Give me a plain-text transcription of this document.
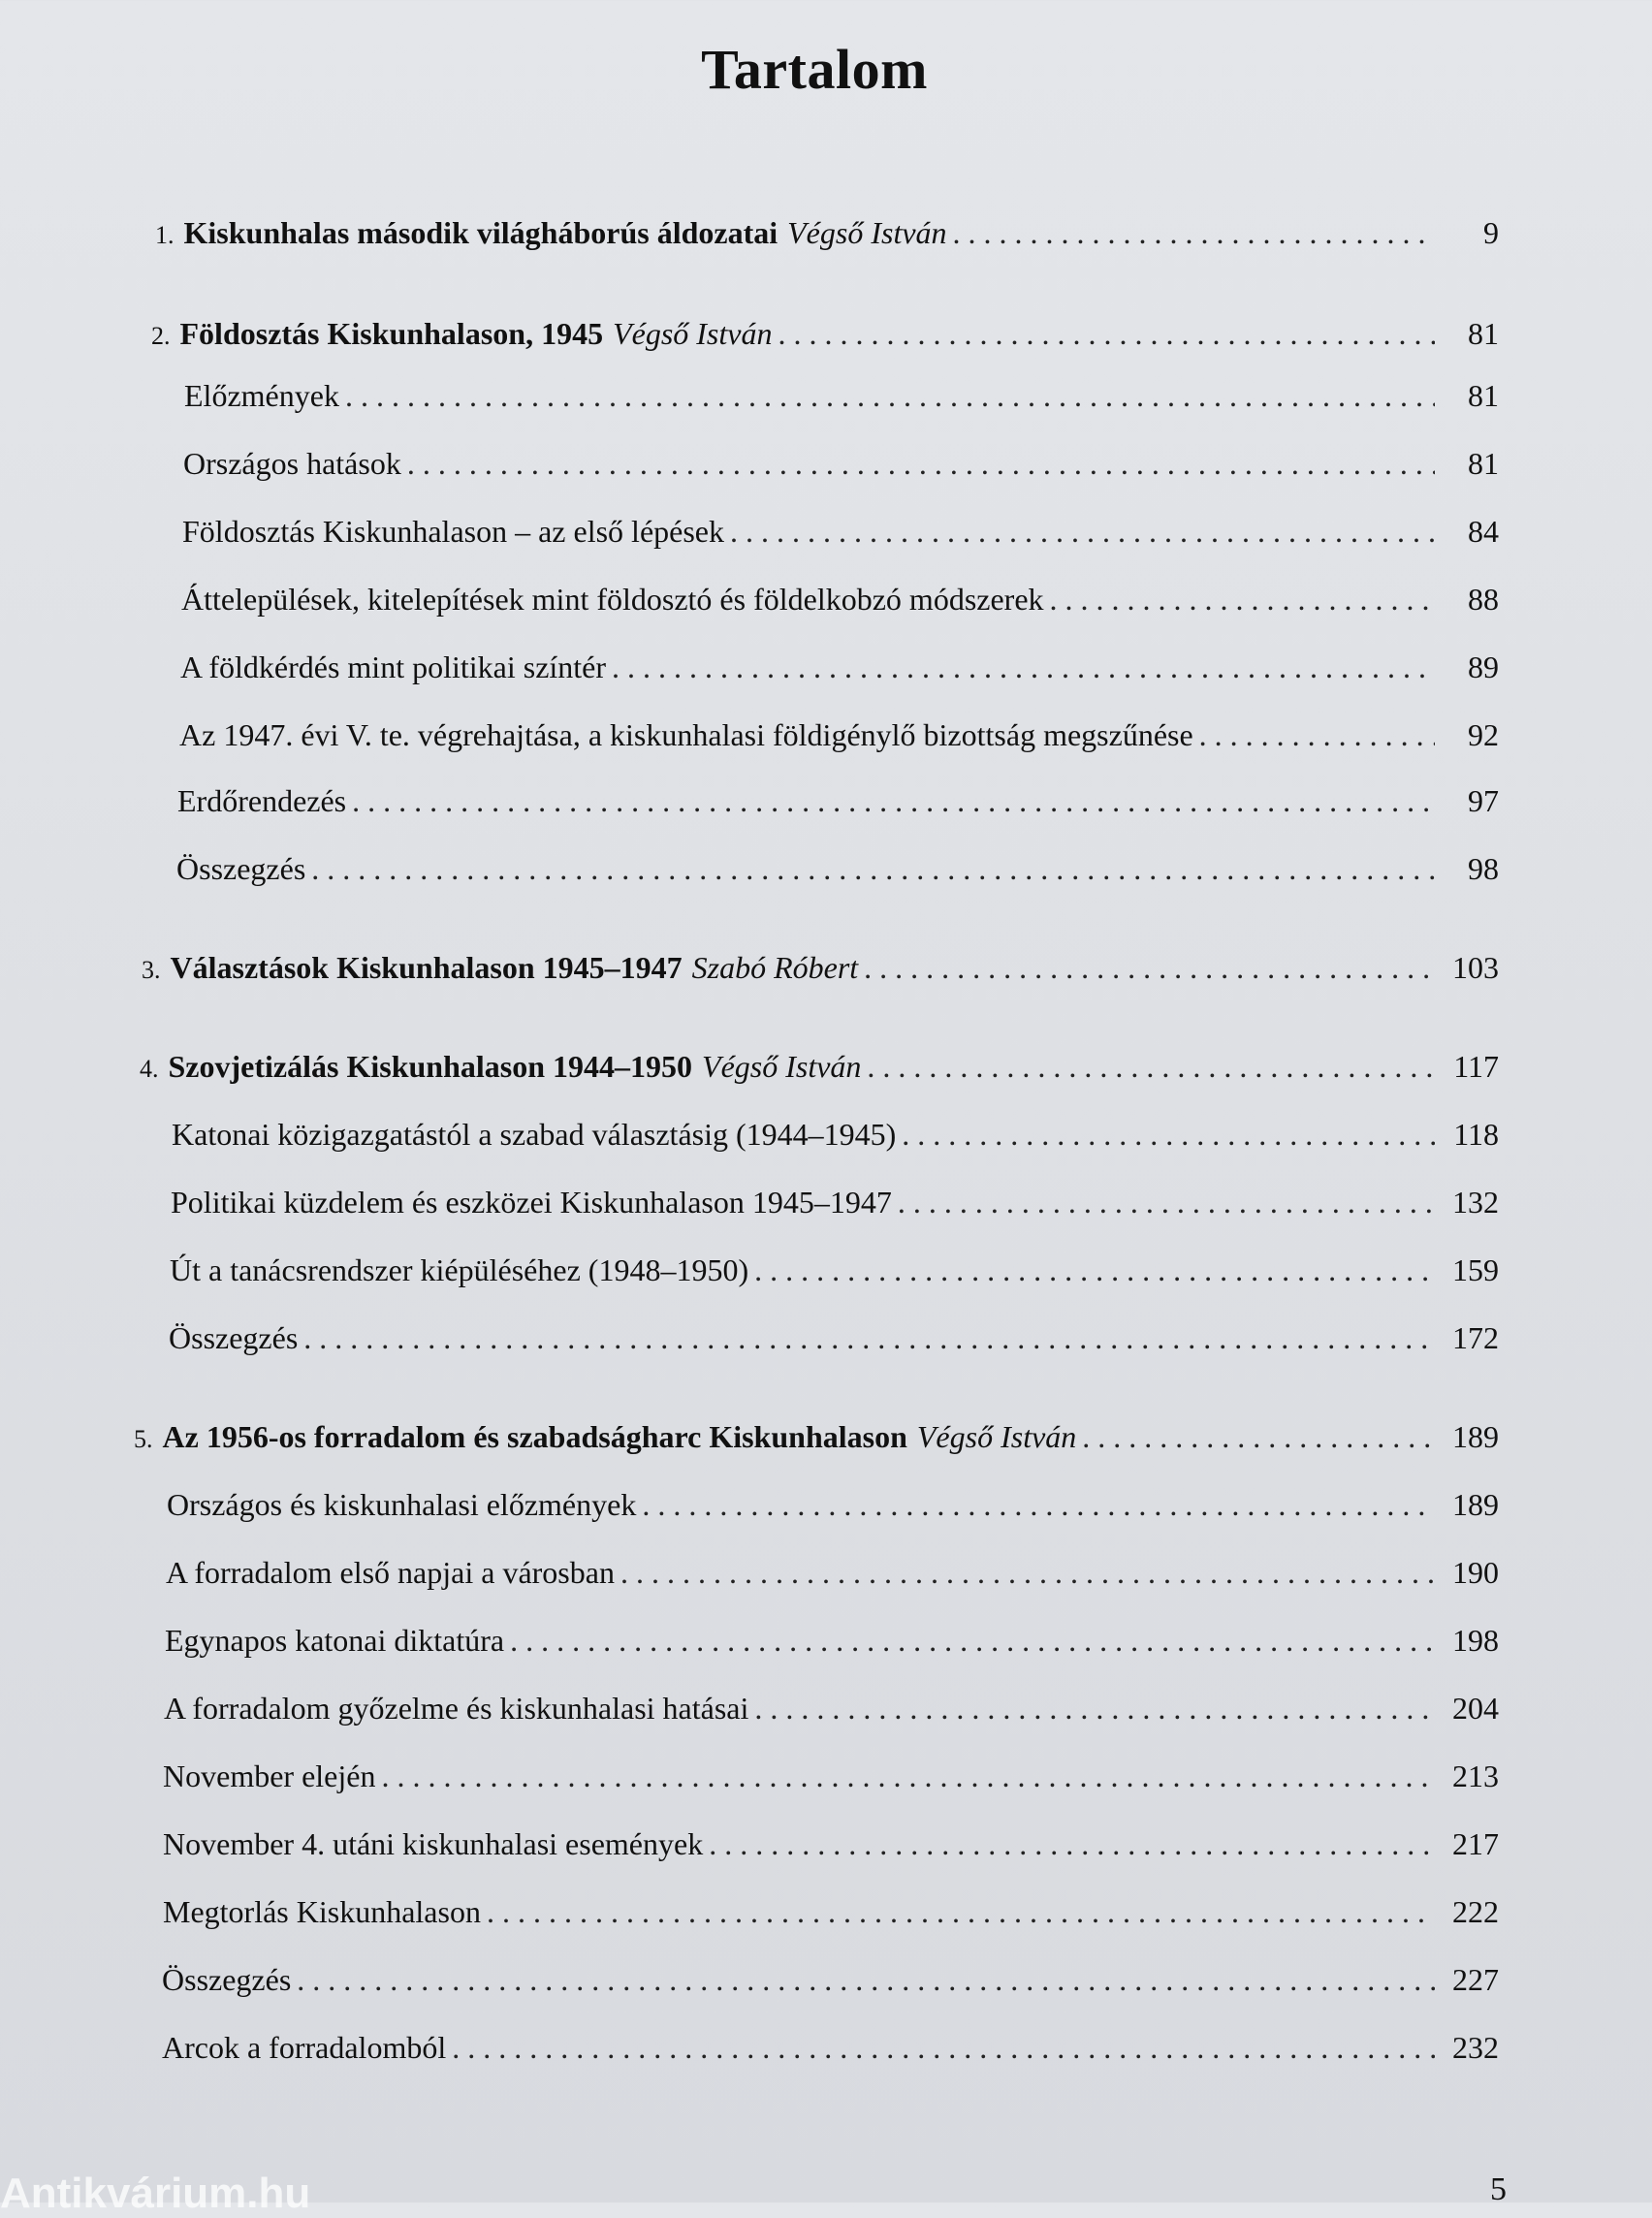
Tartalom
1. Kiskunhalas második világháborús áldozatai Végső István . . .	9
2. Földosztás Kiskunhalason, 1945 Végső István . . .	81
Előzmények . . .	81
Országos hatások . . .	81
Földosztás Kiskunhalason – az első lépések . . .	84
Áttelepülések, kitelepítések mint földosztó és földelkobzó módszerek . . .	88
A földkérdés mint politikai színtér . . .	89
Az 1947. évi V. te. végrehajtása, a kiskunhalasi földigénylő bizottság megszűnése . . .	92
Erdőrendezés . . .	97
Összegzés . . .	98
3. Választások Kiskunhalason 1945–1947 Szabó Róbert . . .	103
4. Szovjetizálás Kiskunhalason 1944–1950 Végső István . . .	117
Katonai közigazgatástól a szabad választásig (1944–1945) . . .	118
Politikai küzdelem és eszközei Kiskunhalason 1945–1947 . . .	132
Út a tanácsrendszer kiépüléséhez (1948–1950) . . .	159
Összegzés . . .	172
5. Az 1956-os forradalom és szabadságharc Kiskunhalason Végső István . . .	189
Országos és kiskunhalasi előzmények . . .	189
A forradalom első napjai a városban . . .	190
Egynapos katonai diktatúra . . .	198
A forradalom győzelme és kiskunhalasi hatásai . . .	204
November elején . . .	213
November 4. utáni kiskunhalasi események . . .	217
Megtorlás Kiskunhalason . . .	222
Összegzés . . .	227
Arcok a forradalomból . . .	232
Antikvárium.hu	5
